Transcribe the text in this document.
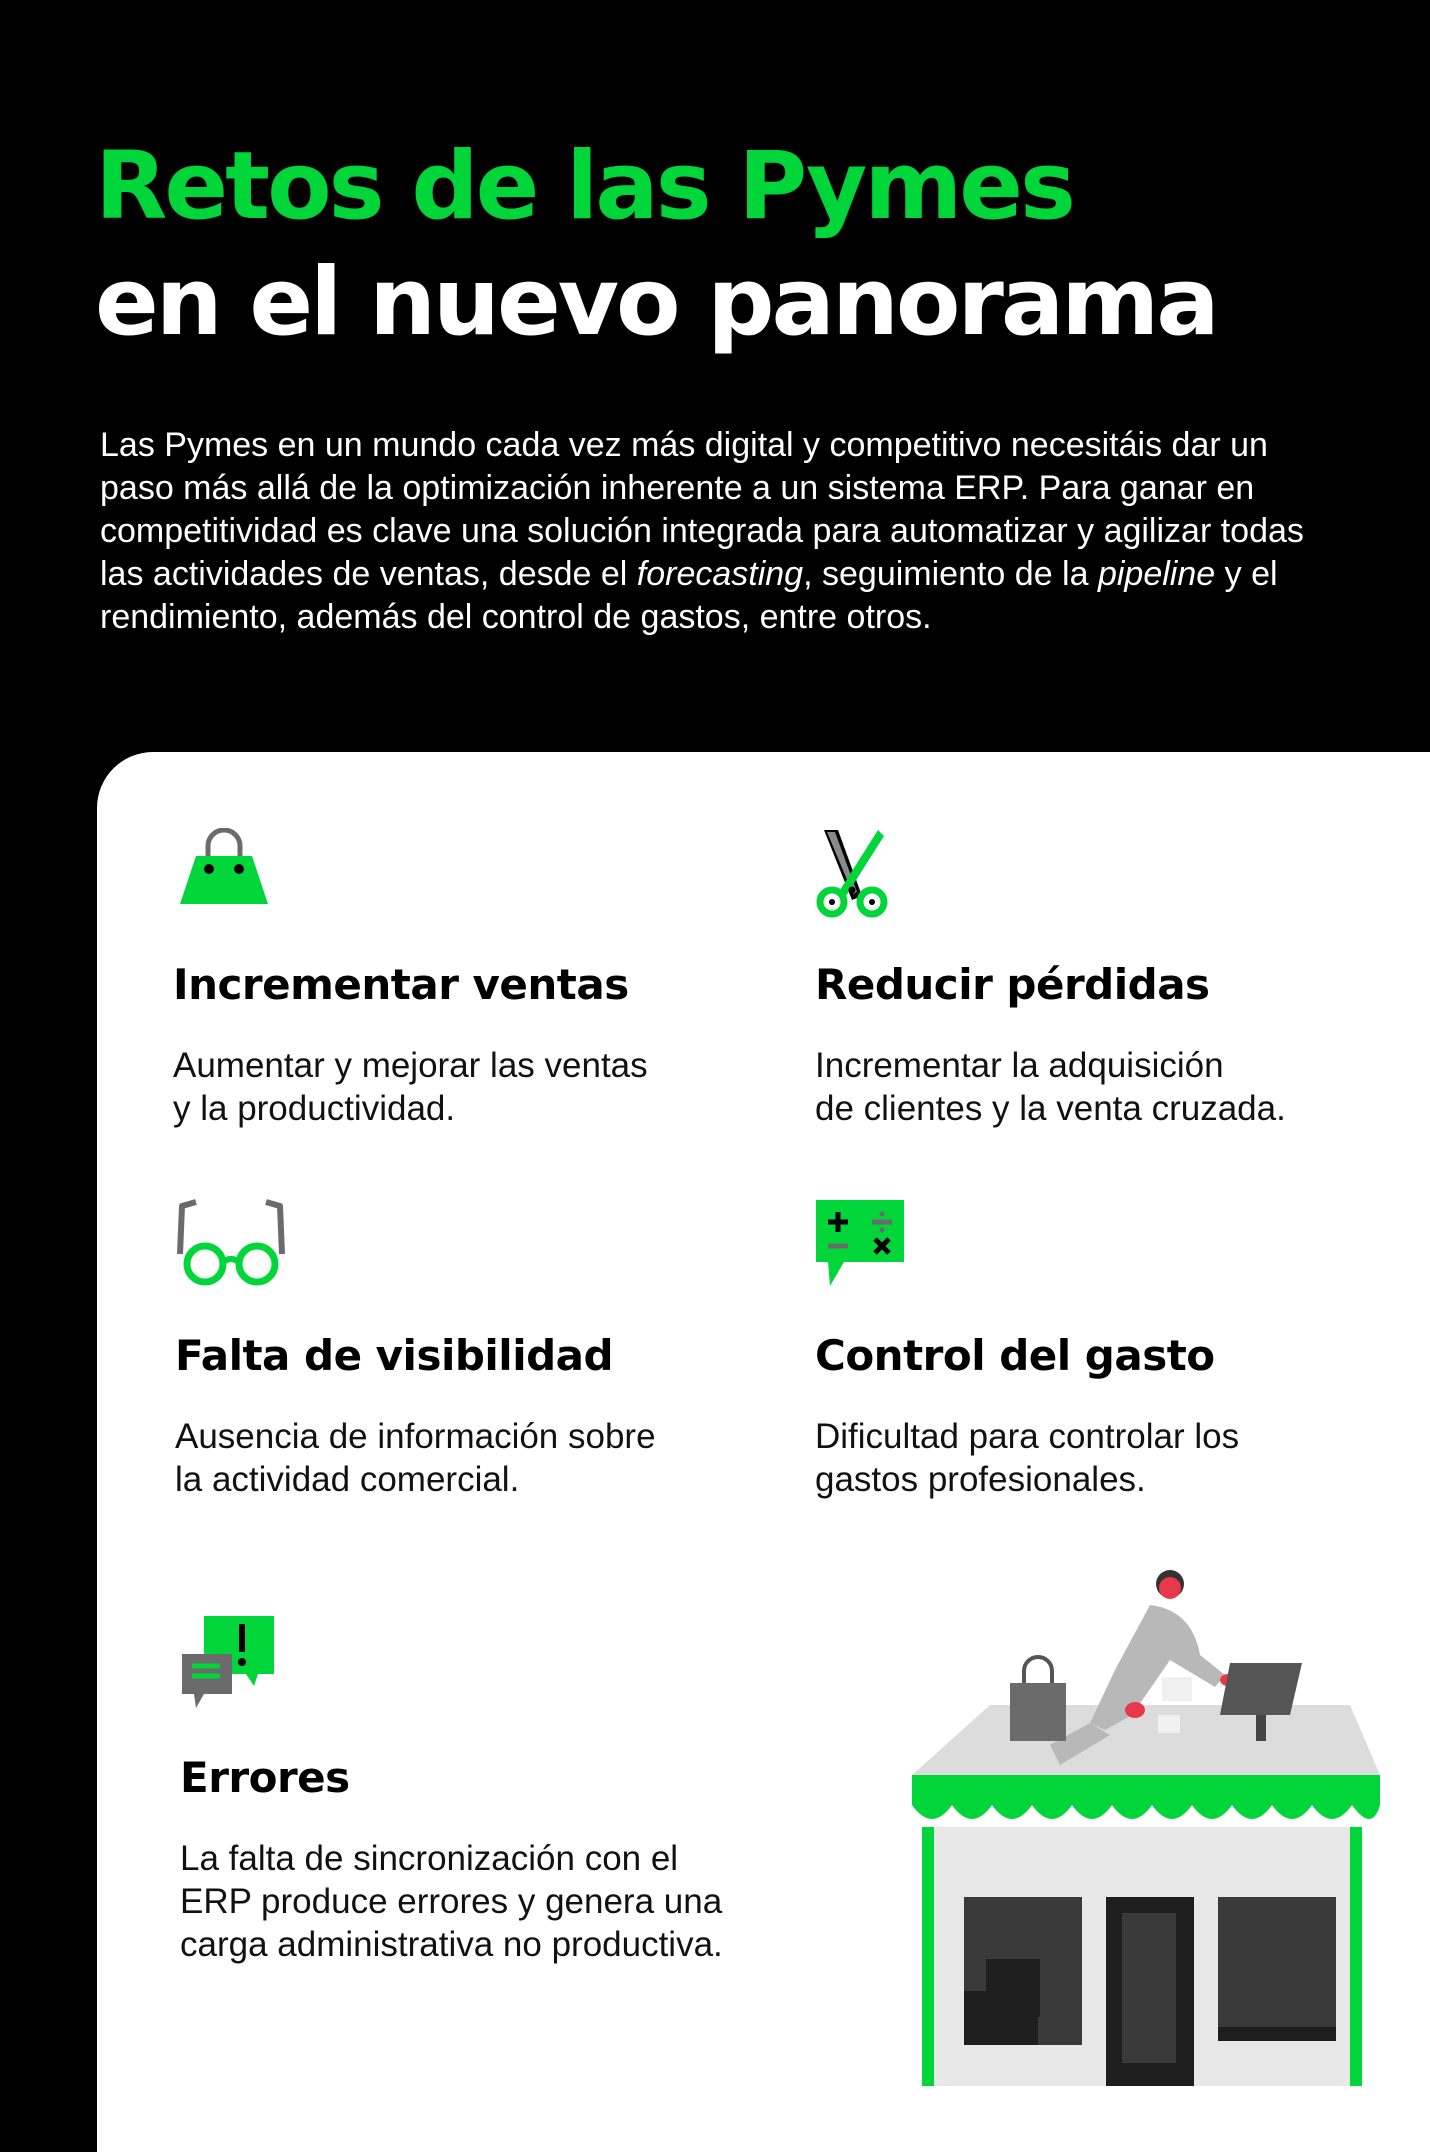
Retos de las Pymes
en el nuevo panorama

Las Pymes en un mundo cada vez más digital y competitivo necesitáis dar un paso más allá de la optimización inherente a un sistema ERP. Para ganar en competitividad es clave una solución integrada para automatizar y agilizar todas las actividades de ventas, desde el forecasting, seguimiento de la pipeline y el rendimiento, además del control de gastos, entre otros.

Incrementar ventas

Aumentar y mejorar las ventas
y la productividad.

Reducir pérdidas

Incrementar la adquisición
de clientes y la venta cruzada.

Falta de visibilidad

Ausencia de información sobre
la actividad comercial.

Control del gasto

Dificultad para controlar los
gastos profesionales.

Errores

La falta de sincronización con el
ERP produce errores y genera una
carga administrativa no productiva.
